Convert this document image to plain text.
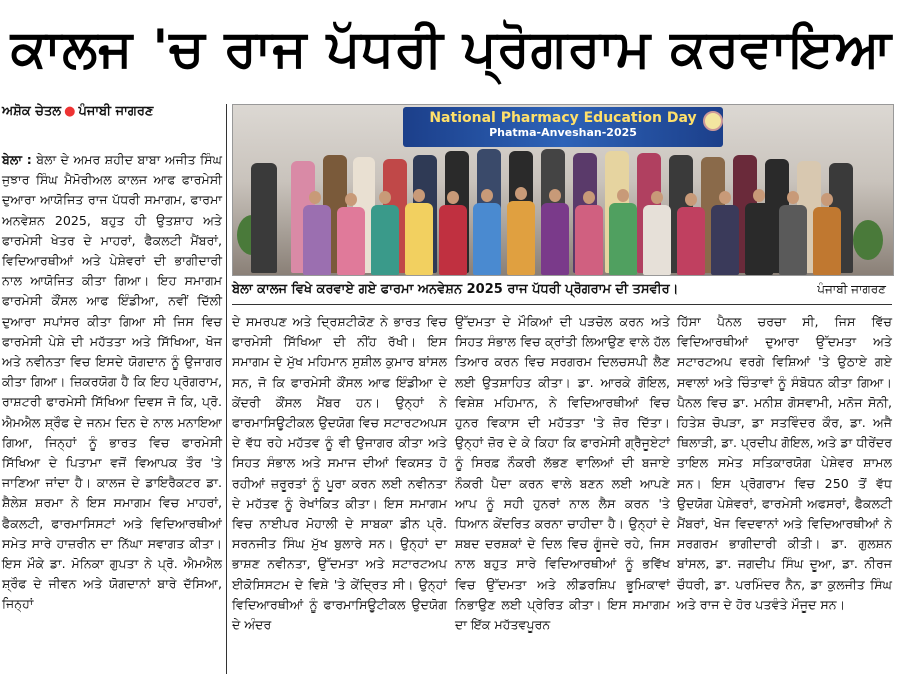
ਕਾਲਜ 'ਚ ਰਾਜ ਪੱਧਰੀ ਪ੍ਰੋਗਰਾਮ ਕਰਵਾਇਆ
ਅਸ਼ੋਕ ਚੇਤਲ ● ਪੰਜਾਬੀ ਜਾਗਰਣ	National Pharmacy Education Day
Phatma-Anveshan-2025
ਬੇਲਾ ਕਾਲਜ ਵਿਖੇ ਕਰਵਾਏ ਗਏ ਫਾਰਮਾ ਅਨਵੇਸ਼ਨ 2025 ਰਾਜ ਪੱਧਰੀ ਪ੍ਰੋਗਰਾਮ ਦੀ ਤਸਵੀਰ।	ਪੰਜਾਬੀ ਜਾਗਰਣ
ਬੇਲਾ : ਬੇਲਾ ਦੇ ਅਮਰ ਸ਼ਹੀਦ ਬਾਬਾ ਅਜੀਤ ਸਿੰਘ ਜੁਝਾਰ ਸਿੰਘ ਮੈਮੋਰੀਅਲ ਕਾਲਜ ਆਫ ਫਾਰਮੇਸੀ ਦੁਆਰਾ ਆਯੋਜਿਤ ਰਾਜ ਪੱਧਰੀ ਸਮਾਗਮ, ਫਾਰਮਾ ਅਨਵੇਸ਼ਨ 2025, ਬਹੁਤ ਹੀ ਉਤਸ਼ਾਹ ਅਤੇ ਫਾਰਮੇਸੀ ਖੇਤਰ ਦੇ ਮਾਹਰਾਂ, ਫੈਕਲਟੀ ਮੈਂਬਰਾਂ, ਵਿਦਿਆਰਥੀਆਂ ਅਤੇ ਪੇਸ਼ੇਵਰਾਂ ਦੀ ਭਾਗੀਦਾਰੀ ਨਾਲ ਆਯੋਜਿਤ ਕੀਤਾ ਗਿਆ। ਇਹ ਸਮਾਗਮ ਫਾਰਮੇਸੀ ਕੌਂਸਲ ਆਫ ਇੰਡੀਆ, ਨਵੀਂ ਦਿੱਲੀ ਦੁਆਰਾ ਸਪਾਂਸਰ ਕੀਤਾ ਗਿਆ ਸੀ ਜਿਸ ਵਿਚ ਫਾਰਮੇਸੀ ਪੇਸ਼ੇ ਦੀ ਮਹੱਤਤਾ ਅਤੇ ਸਿੱਖਿਆ, ਖੋਜ ਅਤੇ ਨਵੀਨਤਾ ਵਿਚ ਇਸਦੇ ਯੋਗਦਾਨ ਨੂੰ ਉਜਾਗਰ ਕੀਤਾ ਗਿਆ। ਜ਼ਿਕਰਯੋਗ ਹੈ ਕਿ ਇਹ ਪ੍ਰੋਗਰਾਮ, ਰਾਸ਼ਟਰੀ ਫਾਰਮੇਸੀ ਸਿੱਖਿਆ ਦਿਵਸ ਜੋ ਕਿ, ਪ੍ਰੋ. ਐਮਐਲ ਸ਼੍ਰੌਫ ਦੇ ਜਨਮ ਦਿਨ ਦੇ ਨਾਲ ਮਨਾਇਆ ਗਿਆ, ਜਿਨ੍ਹਾਂ ਨੂੰ ਭਾਰਤ ਵਿਚ ਫਾਰਮੇਸੀ ਸਿੱਖਿਆ ਦੇ ਪਿਤਾਮਾ ਵਜੋਂ ਵਿਆਪਕ ਤੌਰ 'ਤੇ ਜਾਣਿਆ ਜਾਂਦਾ ਹੈ। ਕਾਲਜ ਦੇ ਡਾਇਰੈਕਟਰ ਡਾ. ਸ਼ੈਲੇਸ਼ ਸ਼ਰਮਾ ਨੇ ਇਸ ਸਮਾਗਮ ਵਿਚ ਮਾਹਰਾਂ, ਫੈਕਲਟੀ, ਫਾਰਮਾਸਿਸਟਾਂ ਅਤੇ ਵਿਦਿਆਰਥੀਆਂ ਸਮੇਤ ਸਾਰੇ ਹਾਜ਼ਰੀਨ ਦਾ ਨਿੱਘਾ ਸਵਾਗਤ ਕੀਤਾ। ਇਸ ਮੌਕੇ ਡਾ. ਮੋਨਿਕਾ ਗੁਪਤਾ ਨੇ ਪ੍ਰੋ. ਐਮਐਲ ਸ਼੍ਰੌਫ ਦੇ ਜੀਵਨ ਅਤੇ ਯੋਗਦਾਨਾਂ ਬਾਰੇ ਦੱਸਿਆ, ਜਿਨ੍ਹਾਂ
ਦੇ ਸਮਰਪਣ ਅਤੇ ਦ੍ਰਿਸ਼ਟੀਕੋਣ ਨੇ ਭਾਰਤ ਵਿਚ ਫਾਰਮੇਸੀ ਸਿੱਖਿਆ ਦੀ ਨੀਂਹ ਰੱਖੀ। ਇਸ ਸਮਾਗਮ ਦੇ ਮੁੱਖ ਮਹਿਮਾਨ ਸੁਸ਼ੀਲ ਕੁਮਾਰ ਬਾਂਸਲ ਸਨ, ਜੋ ਕਿ ਫਾਰਮੇਸੀ ਕੌਂਸਲ ਆਫ ਇੰਡੀਆ ਦੇ ਕੇਂਦਰੀ ਕੌਂਸਲ ਮੈਂਬਰ ਹਨ। ਉਨ੍ਹਾਂ ਨੇ ਫਾਰਮਾਸਿਊਟੀਕਲ ਉਦਯੋਗ ਵਿਚ ਸਟਾਰਟਅਪਸ ਦੇ ਵੱਧ ਰਹੇ ਮਹੱਤਵ ਨੂੰ ਵੀ ਉਜਾਗਰ ਕੀਤਾ ਅਤੇ ਸਿਹਤ ਸੰਭਾਲ ਅਤੇ ਸਮਾਜ ਦੀਆਂ ਵਿਕਸਤ ਹੋ ਰਹੀਆਂ ਜ਼ਰੂਰਤਾਂ ਨੂੰ ਪੂਰਾ ਕਰਨ ਲਈ ਨਵੀਨਤਾ ਦੇ ਮਹੱਤਵ ਨੂੰ ਰੇਖਾਂਕਿਤ ਕੀਤਾ। ਇਸ ਸਮਾਗਮ ਵਿਚ ਨਾਈਪਰ ਮੋਹਾਲੀ ਦੇ ਸਾਬਕਾ ਡੀਨ ਪ੍ਰੋ. ਸਰਨਜੀਤ ਸਿੰਘ ਮੁੱਖ ਬੁਲਾਰੇ ਸਨ। ਉਨ੍ਹਾਂ ਦਾ ਭਾਸ਼ਣ ਨਵੀਨਤਾ, ਉੱਦਮਤਾ ਅਤੇ ਸਟਾਰਟਅਪ ਈਕੋਸਿਸਟਮ ਦੇ ਵਿਸ਼ੇ 'ਤੇ ਕੇਂਦ੍ਰਿਤ ਸੀ। ਉਨ੍ਹਾਂ ਵਿਦਿਆਰਥੀਆਂ ਨੂੰ ਫਾਰਮਾਸਿਊਟੀਕਲ ਉਦਯੋਗ ਦੇ ਅੰਦਰ
ਉੱਦਮਤਾ ਦੇ ਮੌਕਿਆਂ ਦੀ ਪੜਚੋਲ ਕਰਨ ਅਤੇ ਸਿਹਤ ਸੰਭਾਲ ਵਿਚ ਕ੍ਰਾਂਤੀ ਲਿਆਉਣ ਵਾਲੇ ਹੱਲ ਤਿਆਰ ਕਰਨ ਵਿਚ ਸਰਗਰਮ ਦਿਲਚਸਪੀ ਲੈਣ ਲਈ ਉਤਸ਼ਾਹਿਤ ਕੀਤਾ। ਡਾ. ਆਰਕੇ ਗੋਇਲ, ਵਿਸ਼ੇਸ਼ ਮਹਿਮਾਨ, ਨੇ ਵਿਦਿਆਰਥੀਆਂ ਵਿਚ ਹੁਨਰ ਵਿਕਾਸ ਦੀ ਮਹੱਤਤਾ 'ਤੇ ਜ਼ੋਰ ਦਿੱਤਾ। ਉਨ੍ਹਾਂ ਜ਼ੋਰ ਦੇ ਕੇ ਕਿਹਾ ਕਿ ਫਾਰਮੇਸੀ ਗ੍ਰੈਜੂਏਟਾਂ ਨੂੰ ਸਿਰਫ਼ ਨੌਕਰੀ ਲੱਭਣ ਵਾਲਿਆਂ ਦੀ ਬਜਾਏ ਨੌਕਰੀ ਪੈਦਾ ਕਰਨ ਵਾਲੇ ਬਣਨ ਲਈ ਆਪਣੇ ਆਪ ਨੂੰ ਸਹੀ ਹੁਨਰਾਂ ਨਾਲ ਲੈਸ ਕਰਨ 'ਤੇ ਧਿਆਨ ਕੇਂਦਰਿਤ ਕਰਨਾ ਚਾਹੀਦਾ ਹੈ। ਉਨ੍ਹਾਂ ਦੇ ਸ਼ਬਦ ਦਰਸ਼ਕਾਂ ਦੇ ਦਿਲ ਵਿਚ ਗੂੰਜਦੇ ਰਹੇ, ਜਿਸ ਨਾਲ ਬਹੁਤ ਸਾਰੇ ਵਿਦਿਆਰਥੀਆਂ ਨੂੰ ਭਵਿੱਖ ਵਿਚ ਉੱਦਮਤਾ ਅਤੇ ਲੀਡਰਸ਼ਿਪ ਭੂਮਿਕਾਵਾਂ ਨਿਭਾਉਣ ਲਈ ਪ੍ਰੇਰਿਤ ਕੀਤਾ। ਇਸ ਸਮਾਗਮ ਦਾ ਇੱਕ ਮਹੱਤਵਪੂਰਨ
ਹਿੱਸਾ ਪੈਨਲ ਚਰਚਾ ਸੀ, ਜਿਸ ਵਿੱਚ ਵਿਦਿਆਰਥੀਆਂ ਦੁਆਰਾ ਉੱਦਮਤਾ ਅਤੇ ਸਟਾਰਟਅਪ ਵਰਗੇ ਵਿਸ਼ਿਆਂ 'ਤੇ ਉਠਾਏ ਗਏ ਸਵਾਲਾਂ ਅਤੇ ਚਿੰਤਾਵਾਂ ਨੂੰ ਸੰਬੋਧਨ ਕੀਤਾ ਗਿਆ। ਪੈਨਲ ਵਿਚ ਡਾ. ਮਨੀਸ਼ ਗੋਸਵਾਮੀ, ਮਨੋਜ ਸੋਨੀ, ਹਿਤੇਸ਼ ਚੋਪੜਾ, ਡਾ ਸਤਵਿੰਦਰ ਕੌਰ, ਡਾ. ਅਜੈ ਥਿਲਾੜੀ, ਡਾ. ਪ੍ਰਦੀਪ ਗੋਇਲ, ਅਤੇ ਡਾ ਧੀਰੇਂਦਰ ਤਾਇਲ ਸਮੇਤ ਸਤਿਕਾਰਯੋਗ ਪੇਸ਼ੇਵਰ ਸ਼ਾਮਲ ਸਨ। ਇਸ ਪ੍ਰੋਗਰਾਮ ਵਿਚ 250 ਤੋਂ ਵੱਧ ਉਦਯੋਗ ਪੇਸ਼ੇਵਰਾਂ, ਫਾਰਮੇਸੀ ਅਫਸਰਾਂ, ਫੈਕਲਟੀ ਮੈਂਬਰਾਂ, ਖੋਜ ਵਿਦਵਾਨਾਂ ਅਤੇ ਵਿਦਿਆਰਥੀਆਂ ਨੇ ਸਰਗਰਮ ਭਾਗੀਦਾਰੀ ਕੀਤੀ। ਡਾ. ਗੁਲਸ਼ਨ ਬਾਂਸਲ, ਡਾ. ਜਗਦੀਪ ਸਿੰਘ ਦੂਆ, ਡਾ. ਨੀਰਜ ਚੌਧਰੀ, ਡਾ. ਪਰਮਿੰਦਰ ਨੈਨ, ਡਾ ਕੁਲਜੀਤ ਸਿੰਘ ਅਤੇ ਰਾਜ ਦੇ ਹੋਰ ਪਤਵੰਤੇ ਮੌਜੂਦ ਸਨ।
